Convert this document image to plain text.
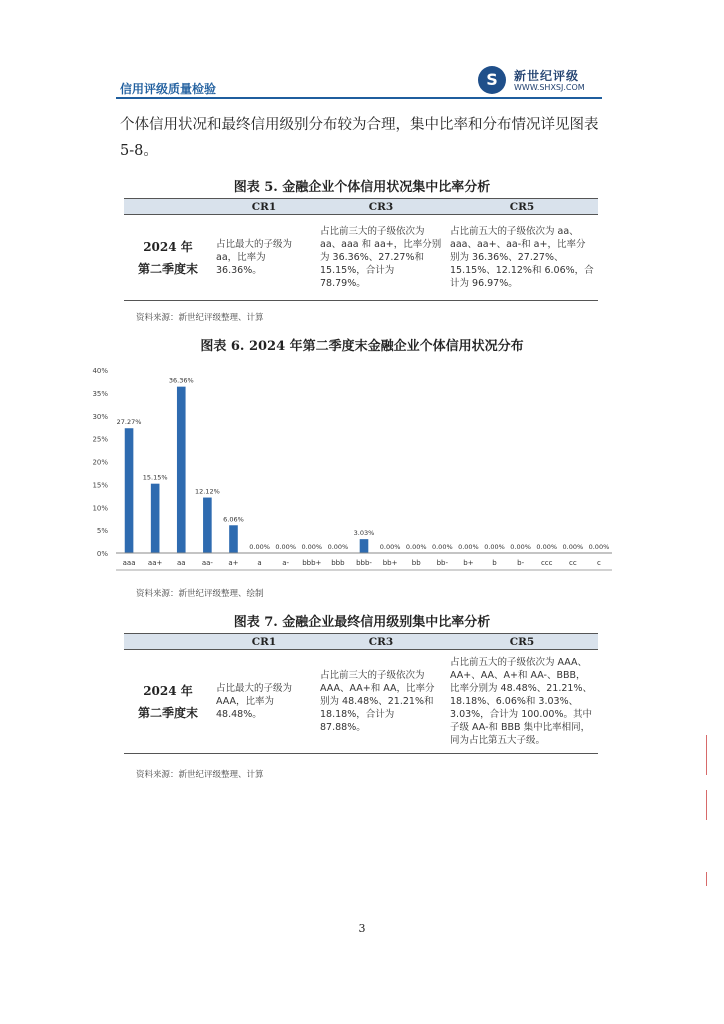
信用评级质量检验	S	新世纪评级
WWW.SHXSJ.COM
个体信用状况和最终信用级别分布较为合理，集中比率和分布情况详见图表 5-8。
图表 5. 金融企业个体信用状况集中比率分析
	CR1	CR3	CR5
2024 年
第二季度末	占比最大的子级为 aa，比率为 36.36%。	占比前三大的子级依次为 aa、aaa 和 aa+，比率分别为 36.36%、27.27%和 15.15%，合计为 78.79%。	占比前五大的子级依次为 aa、aaa、aa+、aa-和 a+，比率分别为 36.36%、27.27%、15.15%、12.12%和 6.06%，合计为 96.97%。
资料来源：新世纪评级整理、计算
图表 6. 2024 年第二季度末金融企业个体信用状况分布
0%
5%
10%
15%
20%
25%
30%
35%
40%
27.27%
15.15%
36.36%
12.12%
6.06%
0.00% 0.00% 0.00% 0.00%
3.03%
0.00% 0.00% 0.00% 0.00% 0.00% 0.00% 0.00% 0.00% 0.00%
aaa aa+ aa aa- a+	a	a- bbb+ bbb bbb- bb+ bb bb- b+	b	b- ccc cc	c
资料来源：新世纪评级整理、绘制
图表 7. 金融企业最终信用级别集中比率分析
	CR1	CR3	CR5
2024 年
第二季度末	占比最大的子级为 AAA，比率为 48.48%。	占比前三大的子级依次为 AAA、AA+和 AA，比率分别为 48.48%、21.21%和 18.18%，合计为 87.88%。	占比前五大的子级依次为 AAA、AA+、AA、A+和 AA-、BBB，比率分别为 48.48%、21.21%、18.18%、6.06%和 3.03%、3.03%，合计为 100.00%。其中子级 AA-和 BBB 集中比率相同，同为占比第五大子级。
资料来源：新世纪评级整理、计算
3
